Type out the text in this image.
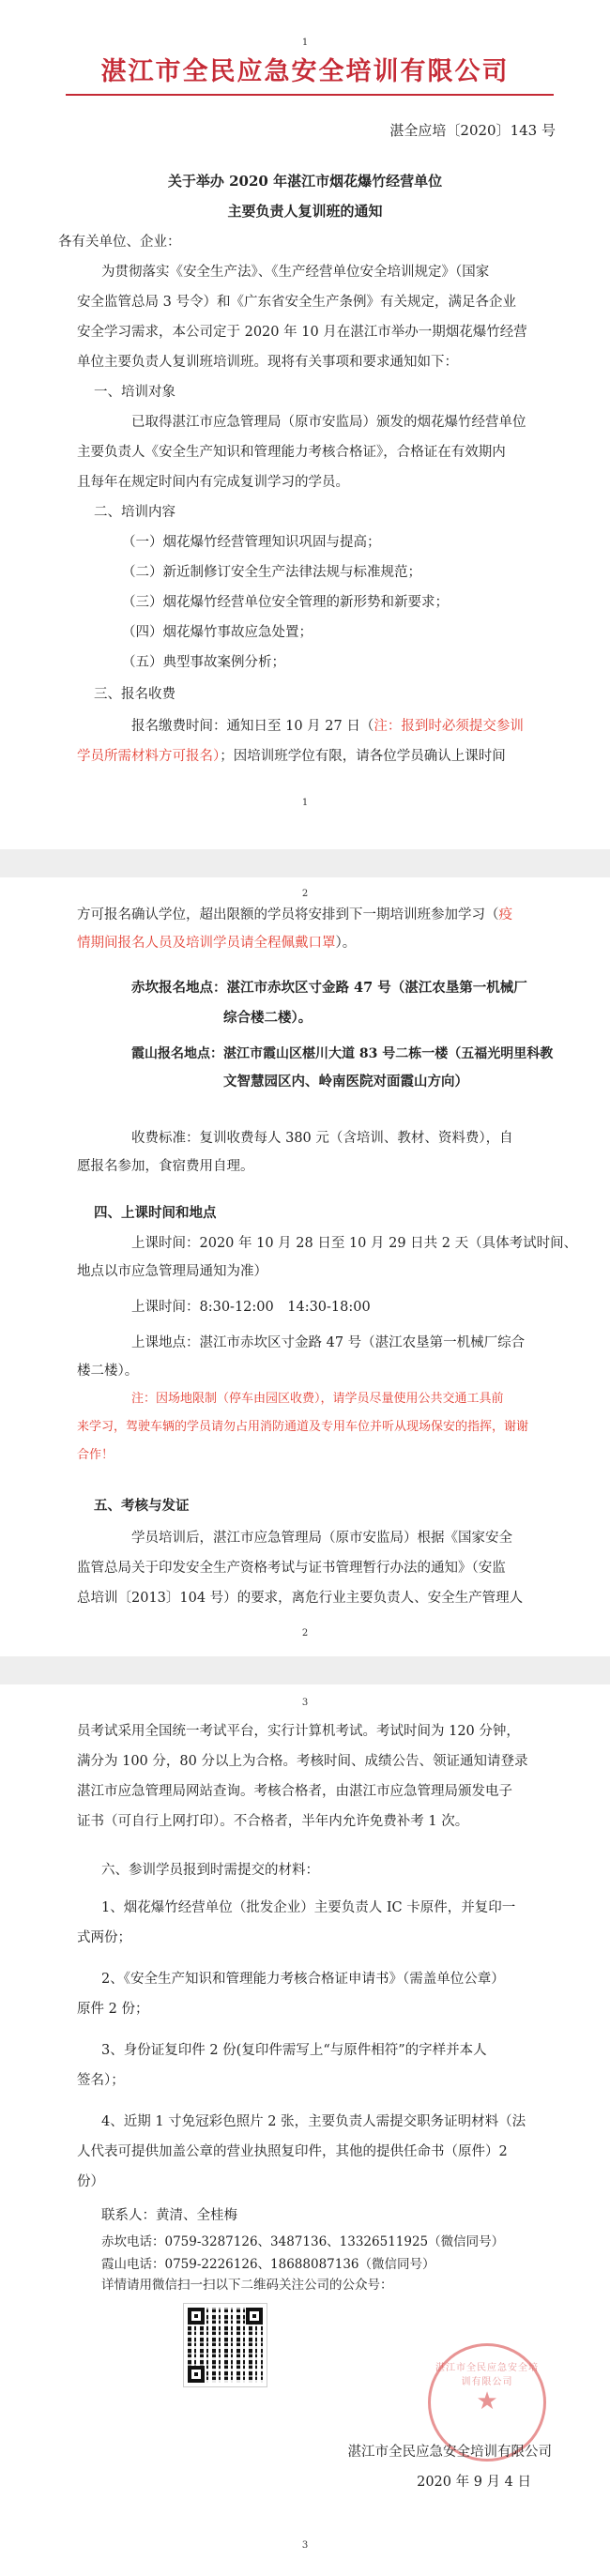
1
湛江市全民应急安全培训有限公司
湛全应培〔2020〕143 号
关于举办 2020 年湛江市烟花爆竹经营单位
主要负责人复训班的通知
各有关单位、企业：
为贯彻落实《安全生产法》、《生产经营单位安全培训规定》（国家
安全监管总局 3 号令）和《广东省安全生产条例》有关规定，满足各企业
安全学习需求，本公司定于 2020 年 10 月在湛江市举办一期烟花爆竹经营
单位主要负责人复训班培训班。现将有关事项和要求通知如下：
一、培训对象
已取得湛江市应急管理局（原市安监局）颁发的烟花爆竹经营单位
主要负责人《安全生产知识和管理能力考核合格证》，合格证在有效期内
且每年在规定时间内有完成复训学习的学员。
二、培训内容
（一）烟花爆竹经营管理知识巩固与提高；
（二）新近制修订安全生产法律法规与标准规范；
（三）烟花爆竹经营单位安全管理的新形势和新要求；
（四）烟花爆竹事故应急处置；
（五）典型事故案例分析；
三、报名收费
报名缴费时间：通知日至 10 月 27 日（注：报到时必须提交参训
学员所需材料方可报名）；因培训班学位有限，请各位学员确认上课时间
1
2
方可报名确认学位，超出限额的学员将安排到下一期培训班参加学习（疫
情期间报名人员及培训学员请全程佩戴口罩）。
赤坎报名地点：湛江市赤坎区寸金路 47 号（湛江农垦第一机械厂
综合楼二楼）。
霞山报名地点：湛江市霞山区椹川大道 83 号二栋一楼（五福光明里科教
文智慧园区内、岭南医院对面霞山方向）
收费标准：复训收费每人 380 元（含培训、教材、资料费），自
愿报名参加，食宿费用自理。
四、上课时间和地点
上课时间：2020 年 10 月 28 日至 10 月 29 日共 2 天（具体考试时间、
地点以市应急管理局通知为准）
上课时间：8:30-12:00　14:30-18:00
上课地点：湛江市赤坎区寸金路 47 号（湛江农垦第一机械厂综合
楼二楼）。
注：因场地限制（停车由园区收费），请学员尽量使用公共交通工具前
来学习，驾驶车辆的学员请勿占用消防通道及专用车位并听从现场保安的指挥，谢谢
合作！
五、考核与发证
学员培训后，湛江市应急管理局（原市安监局）根据《国家安全
监管总局关于印发安全生产资格考试与证书管理暂行办法的通知》（安监
总培训〔2013〕104 号）的要求，离危行业主要负责人、安全生产管理人
2
3
员考试采用全国统一考试平台，实行计算机考试。考试时间为 120 分钟，
满分为 100 分，80 分以上为合格。考核时间、成绩公告、领证通知请登录
湛江市应急管理局网站查询。考核合格者，由湛江市应急管理局颁发电子
证书（可自行上网打印）。不合格者，半年内允许免费补考 1 次。
六、参训学员报到时需提交的材料：
1、烟花爆竹经营单位（批发企业）主要负责人 IC 卡原件，并复印一
式两份；
2、《安全生产知识和管理能力考核合格证申请书》（需盖单位公章）
原件 2 份；
3、身份证复印件 2 份(复印件需写上“与原件相符”的字样并本人
签名）；
4、近期 1 寸免冠彩色照片 2 张，主要负责人需提交职务证明材料（法
人代表可提供加盖公章的营业执照复印件，其他的提供任命书（原件）2
份）
联系人：黄清、全桂梅
赤坎电话：0759-3287126、3487136、13326511925（微信同号）
霞山电话：0759-2226126、18688087136（微信同号）
详情请用微信扫一扫以下二维码关注公司的公众号：
湛江市全民应急安全培训有限公司
★
湛江市全民应急安全培训有限公司
2020 年 9 月 4 日
3
